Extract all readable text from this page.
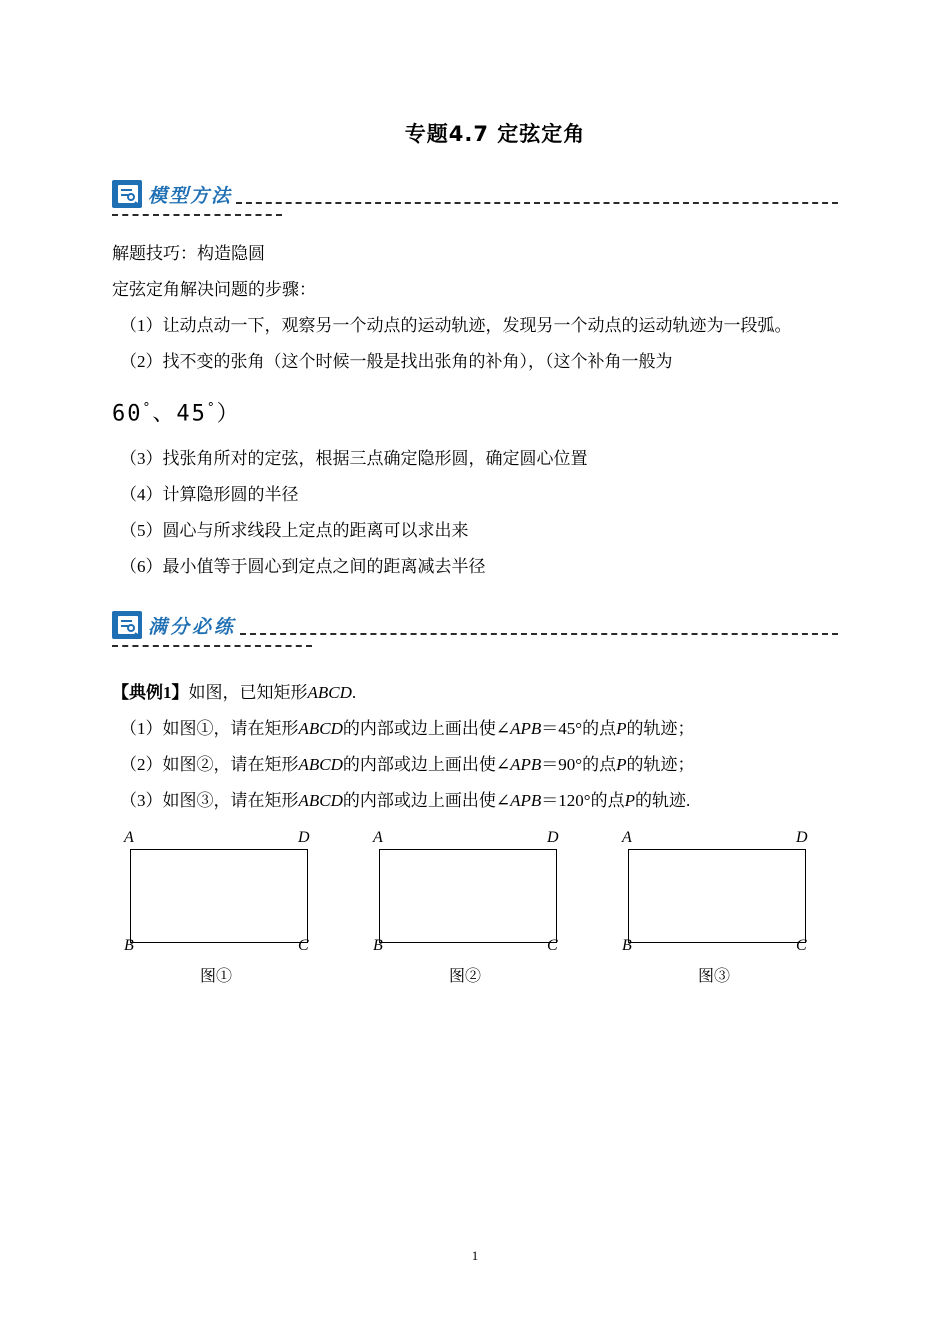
专题4.7 定弦定角
模型方法
解题技巧：构造隐圆
定弦定角解决问题的步骤：
（1）让动点动一下，观察另一个动点的运动轨迹，发现另一个动点的运动轨迹为一段弧。
（2）找不变的张角（这个时候一般是找出张角的补角），（这个补角一般为
60°、45°）
（3）找张角所对的定弦，根据三点确定隐形圆，确定圆心位置
（4）计算隐形圆的半径
（5）圆心与所求线段上定点的距离可以求出来
（6）最小值等于圆心到定点之间的距离减去半径
满分必练
【典例1】如图，已知矩形ABCD.
（1）如图①，请在矩形ABCD的内部或边上画出使∠APB＝45°的点P的轨迹；
（2）如图②，请在矩形ABCD的内部或边上画出使∠APB＝90°的点P的轨迹；
（3）如图③，请在矩形ABCD的内部或边上画出使∠APB＝120°的点P的轨迹.
A	D
B	C
图①
A	D
B	C
图②
A	D
B	C
图③
1
